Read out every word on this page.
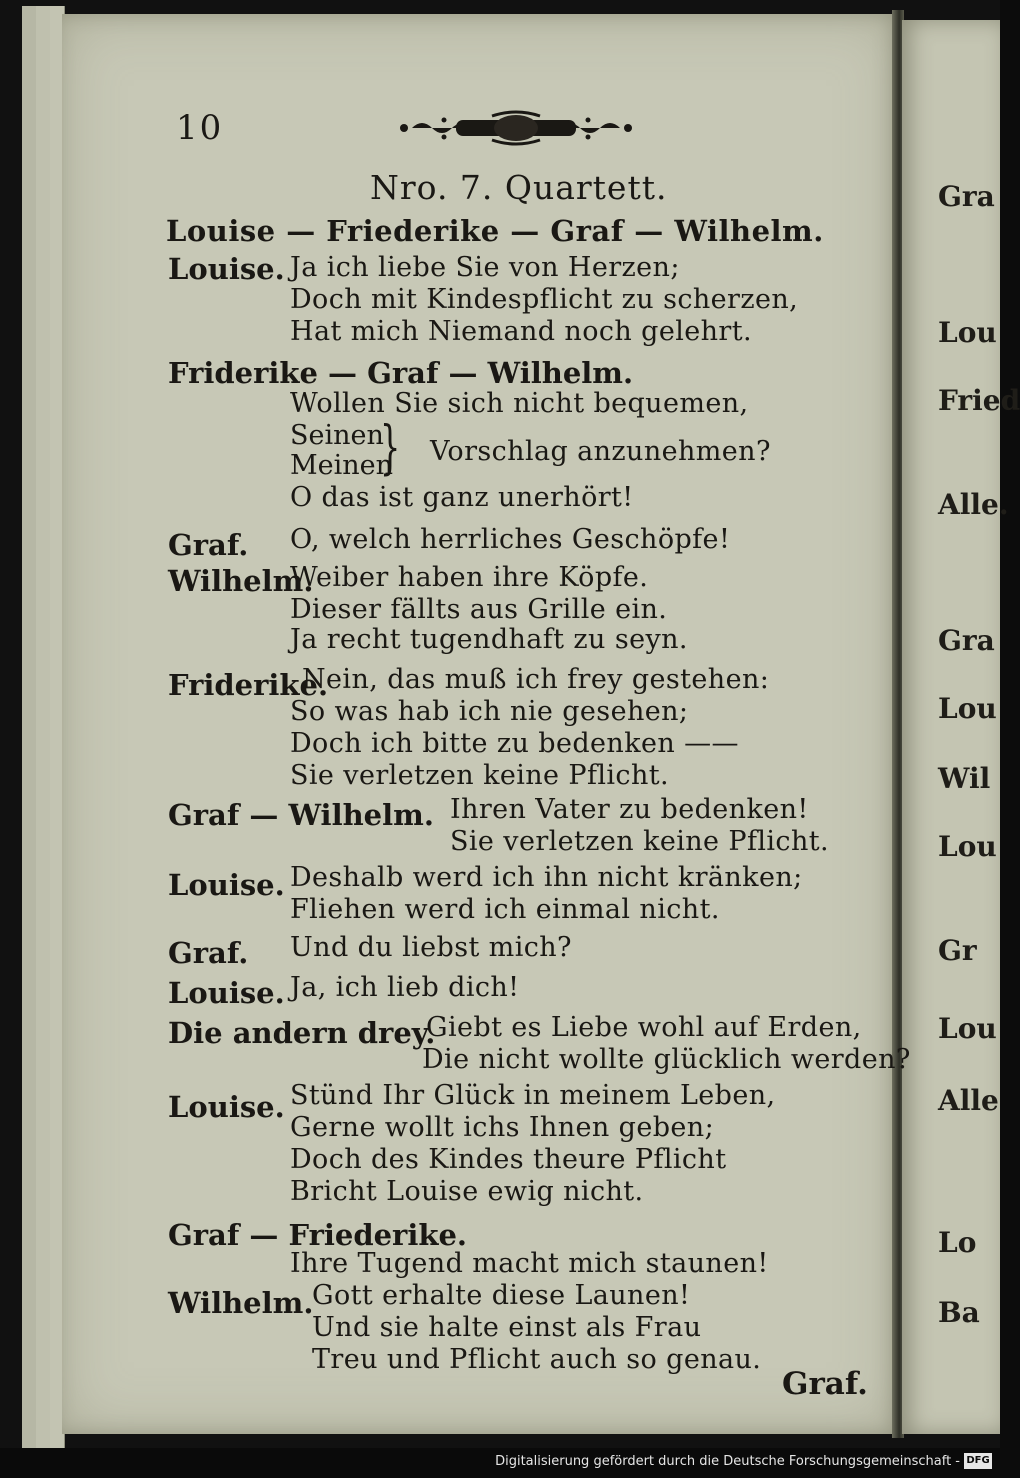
Gra
Lou
Fried
Alle.
Gra
Lou
Wil
Lou
Gr
Lou
Alle
Lo
Ba
10
Nro. 7. Quartett.
Louise — Friederike — Graf — Wilhelm.
Louise. Ja ich liebe Sie von Herzen;
Doch mit Kindespflicht zu scherzen,
Hat mich Niemand noch gelehrt.
Friderike — Graf — Wilhelm.
Wollen Sie sich nicht bequemen,
Seinen
Meinen
} Vorschlag anzunehmen?
O das ist ganz unerhört!
Graf. O, welch herrliches Geschöpfe!
Wilhelm.
Weiber haben ihre Köpfe.
Dieser fällts aus Grille ein.
Ja recht tugendhaft zu seyn.
Friderike.
Nein, das muß ich frey gestehen:
So was hab ich nie gesehen;
Doch ich bitte zu bedenken ——
Sie verletzen keine Pflicht.
Graf — Wilhelm. Ihren Vater zu bedenken!
Sie verletzen keine Pflicht.
Louise. Deshalb werd ich ihn nicht kränken;
Fliehen werd ich einmal nicht.
Graf. Und du liebst mich?
Louise. Ja, ich lieb dich!
Die andern drey.
Giebt es Liebe wohl auf Erden,
Die nicht wollte glücklich werden?
Louise. Stünd Ihr Glück in meinem Leben,
Gerne wollt ichs Ihnen geben;
Doch des Kindes theure Pflicht
Bricht Louise ewig nicht.
Graf — Friederike.
Ihre Tugend macht mich staunen!
Wilhelm.
Gott erhalte diese Launen!
Und sie halte einst als Frau
Treu und Pflicht auch so genau.
Graf.
Digitalisierung gefördert durch die Deutsche Forschungsgemeinschaft - DFG
